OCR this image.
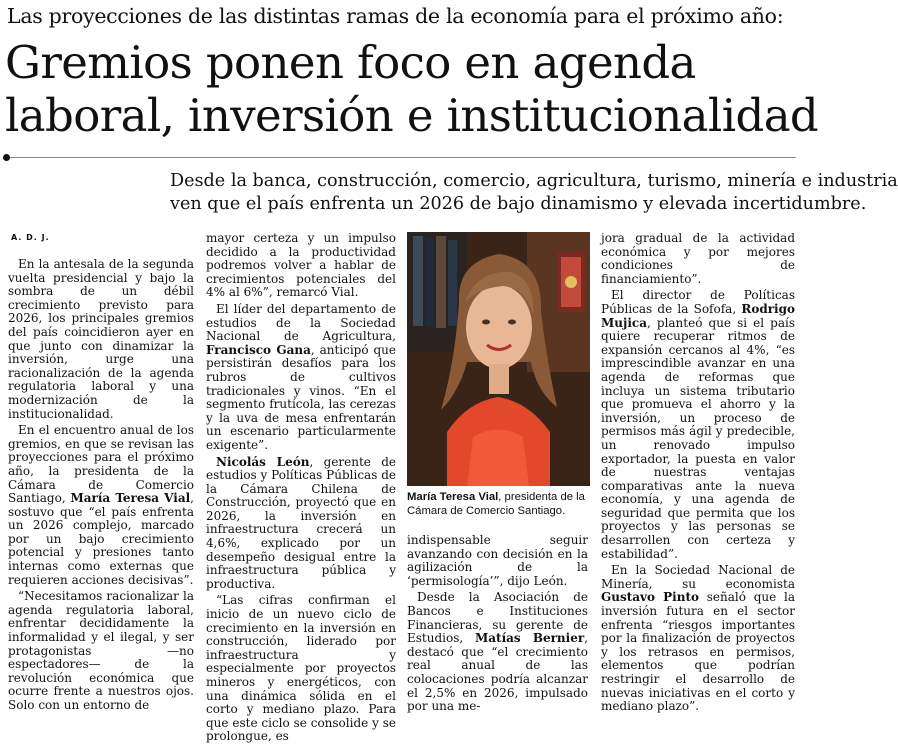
Las proyecciones de las distintas ramas de la economía para el próximo año:
Gremios ponen foco en agenda
laboral, inversión e institucionalidad
Desde la banca, construcción, comercio, agricultura, turismo, minería e industria
ven que el país enfrenta un 2026 de bajo dinamismo y elevada incertidumbre.
A. D. J.

En la antesala de la segunda vuelta presidencial y bajo la sombra de un débil crecimiento previsto para 2026, los principales gremios del país coincidieron ayer en que junto con dinamizar la inversión, urge una racionalización de la agenda regulatoria laboral y una modernización de la institucionalidad.

En el encuentro anual de los gremios, en que se revisan las proyecciones para el próximo año, la presidenta de la Cámara de Comercio Santiago, María Teresa Vial, sostuvo que “el país enfrenta un 2026 complejo, marcado por un bajo crecimiento potencial y presiones tanto internas como externas que requieren acciones decisivas”.

“Necesitamos racionalizar la agenda regulatoria laboral, enfrentar decididamente la informalidad y el ilegal, y ser protagonistas —no espectadores— de la revolución económica que ocurre frente a nuestros ojos. Solo con un entorno de

mayor certeza y un impulso decidido a la productividad podremos volver a hablar de crecimientos potenciales del 4% al 6%”, remarcó Vial.

El líder del departamento de estudios de la Sociedad Nacional de Agricultura, Francisco Gana, anticipó que persistirán desafíos para los rubros de cultivos tradicionales y vinos. “En el segmento frutícola, las cerezas y la uva de mesa enfrentarán un escenario particularmente exigente”.

Nicolás León, gerente de estudios y Políticas Públicas de la Cámara Chilena de Construcción, proyectó que en 2026, la inversión en infraestructura crecerá un 4,6%, explicado por un desempeño desigual entre la infraestructura pública y productiva.

“Las cifras confirman el inicio de un nuevo ciclo de crecimiento en la inversión en construcción, liderado por infraestructura y especialmente por proyectos mineros y energéticos, con una dinámica sólida en el corto y mediano plazo. Para que este ciclo se consolide y se prolongue, es

María Teresa Vial, presidenta de la Cámara de Comercio Santiago.

indispensable seguir avanzando con decisión en la agilización de la ‘permisología’”, dijo León.

Desde la Asociación de Bancos e Instituciones Financieras, su gerente de Estudios, Matías Bernier, destacó que “el crecimiento real anual de las colocaciones podría alcanzar el 2,5% en 2026, impulsado por una me-

jora gradual de la actividad económica y por mejores condiciones de financiamiento”.

El director de Políticas Públicas de la Sofofa, Rodrigo Mujica, planteó que si el país quiere recuperar ritmos de expansión cercanos al 4%, “es imprescindible avanzar en una agenda de reformas que incluya un sistema tributario que promueva el ahorro y la inversión, un proceso de permisos más ágil y predecible, un renovado impulso exportador, la puesta en valor de nuestras ventajas comparativas ante la nueva economía, y una agenda de seguridad que permita que los proyectos y las personas se desarrollen con certeza y estabilidad”.

En la Sociedad Nacional de Minería, su economista Gustavo Pinto señaló que la inversión futura en el sector enfrenta “riesgos importantes por la finalización de proyectos y los retrasos en permisos, elementos que podrían restringir el desarrollo de nuevas iniciativas en el corto y mediano plazo”.
